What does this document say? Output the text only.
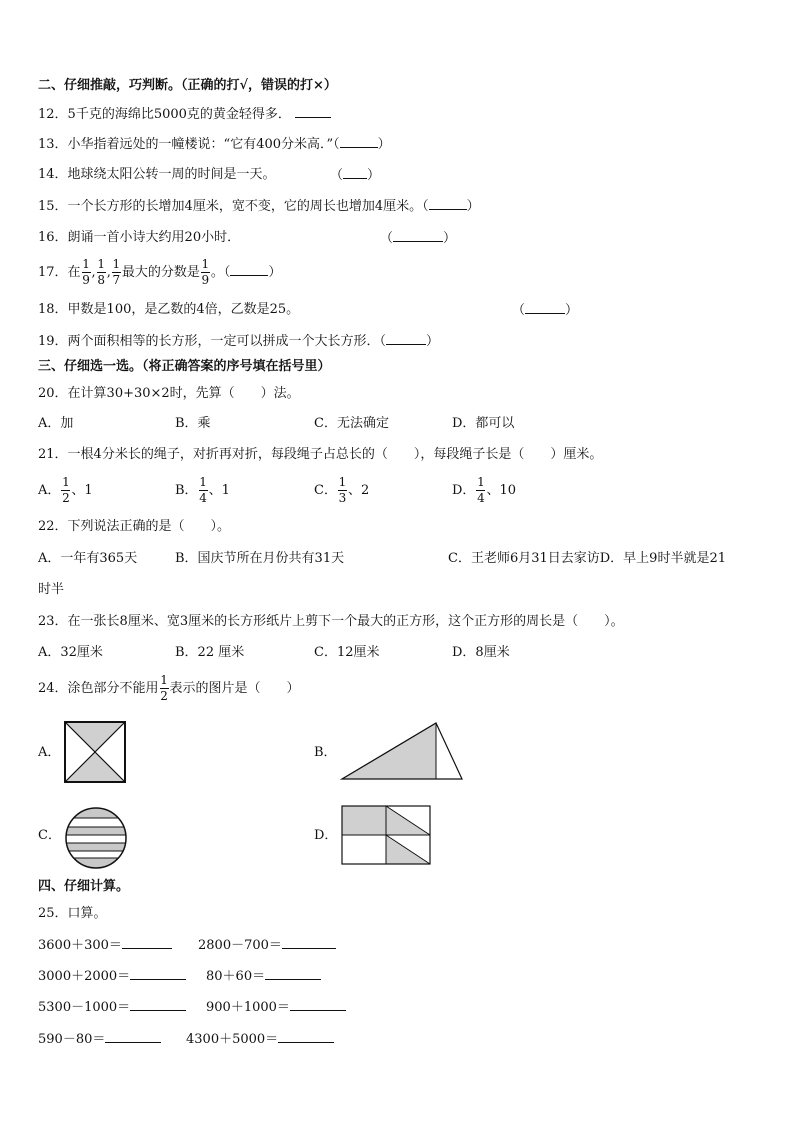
二、仔细推敲，巧判断。（正确的打√，错误的打×）
12．5千克的海绵比5000克的黄金轻得多．
13．小华指着远处的一幢楼说：“它有400分米高．”（	）
14．地球绕太阳公转一周的时间是一天。	（ ）
15．一个长方形的长增加4厘米，宽不变，它的周长也增加4厘米。（	）
16．朗诵一首小诗大约用20小时．	（	）
17．在 $\frac{1}{9}$ , $\frac{1}{8}$ , $\frac{1}{7}$ 最大的分数是 $\frac{1}{9}$ 。（	）
18．甲数是100，是乙数的4倍，乙数是25。	（	）
19．两个面积相等的长方形，一定可以拼成一个大长方形．（	）
三、仔细选一选。（将正确答案的序号填在括号里）
20．在计算30+30×2时，先算（　　）法。
A．加	B．乘	C．无法确定	D．都可以
21．一根4分米长的绳子，对折再对折，每段绳子占总长的（　　），每段绳子长是（　　）厘米。
A． $\frac{1}{2}$ 、1	B． $\frac{1}{4}$ 、1	C． $\frac{1}{3}$ 、2	D． $\frac{1}{4}$ 、10
22．下列说法正确的是（　　）。
A．一年有365天	B．国庆节所在月份共有31天	C．王老师6月31日去家访D．早上9时半就是21
时半
23．在一张长8厘米、宽3厘米的长方形纸片上剪下一个最大的正方形，这个正方形的周长是（　　）。
A．32厘米	B．22 厘米	C．12厘米	D．8厘米
24．涂色部分不能用 $\frac{1}{2}$ 表示的图片是（　　）
A．	B．
C．	D．
四、仔细计算。
25．口算。
3600＋300＝	2800－700＝
3000＋2000＝	80＋60＝
5300－1000＝	900＋1000＝
590－80＝	4300＋5000＝
